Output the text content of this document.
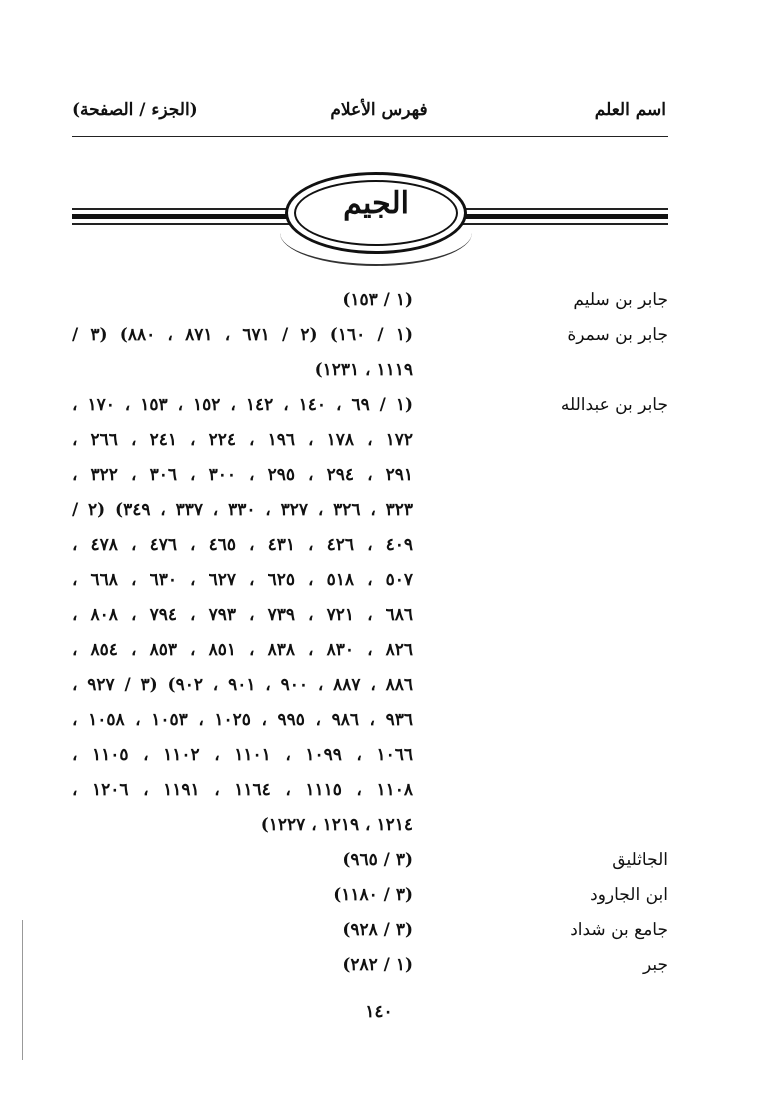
اسم العلم
فهرس الأعلام
(الجزء / الصفحة)
الجيم
جابر بن سليم
(١ / ١٥٣)
جابر بن سمرة
(١ / ١٦٠) (٢ / ٦٧١ ، ٨٧١ ، ٨٨٠) (٣ /
١١١٩ ، ١٢٣١)
جابر بن عبدالله
(١ / ٦٩ ، ١٤٠ ، ١٤٢ ، ١٥٢ ، ١٥٣ ، ١٧٠ ،
١٧٢ ، ١٧٨ ، ١٩٦ ، ٢٢٤ ، ٢٤١ ، ٢٦٦ ،
٢٩١ ، ٢٩٤ ، ٢٩٥ ، ٣٠٠ ، ٣٠٦ ، ٣٢٢ ،
٣٢٣ ، ٣٢٦ ، ٣٢٧ ، ٣٣٠ ، ٣٣٧ ، ٣٤٩) (٢ /
٤٠٩ ، ٤٢٦ ، ٤٣١ ، ٤٦٥ ، ٤٧٦ ، ٤٧٨ ،
٥٠٧ ، ٥١٨ ، ٦٢٥ ، ٦٢٧ ، ٦٣٠ ، ٦٦٨ ،
٦٨٦ ، ٧٢١ ، ٧٣٩ ، ٧٩٣ ، ٧٩٤ ، ٨٠٨ ،
٨٢٦ ، ٨٣٠ ، ٨٣٨ ، ٨٥١ ، ٨٥٣ ، ٨٥٤ ،
٨٨٦ ، ٨٨٧ ، ٩٠٠ ، ٩٠١ ، ٩٠٢) (٣ / ٩٢٧ ،
٩٣٦ ، ٩٨٦ ، ٩٩٥ ، ١٠٢٥ ، ١٠٥٣ ، ١٠٥٨ ،
١٠٦٦ ، ١٠٩٩ ، ١١٠١ ، ١١٠٢ ، ١١٠٥ ،
١١٠٨ ، ١١١٥ ، ١١٦٤ ، ١١٩١ ، ١٢٠٦ ،
١٢١٤ ، ١٢١٩ ، ١٢٢٧)
الجاثليق
(٣ / ٩٦٥)
ابن الجارود
(٣ / ١١٨٠)
جامع بن شداد
(٣ / ٩٢٨)
جبر
(١ / ٢٨٢)
١٤٠
